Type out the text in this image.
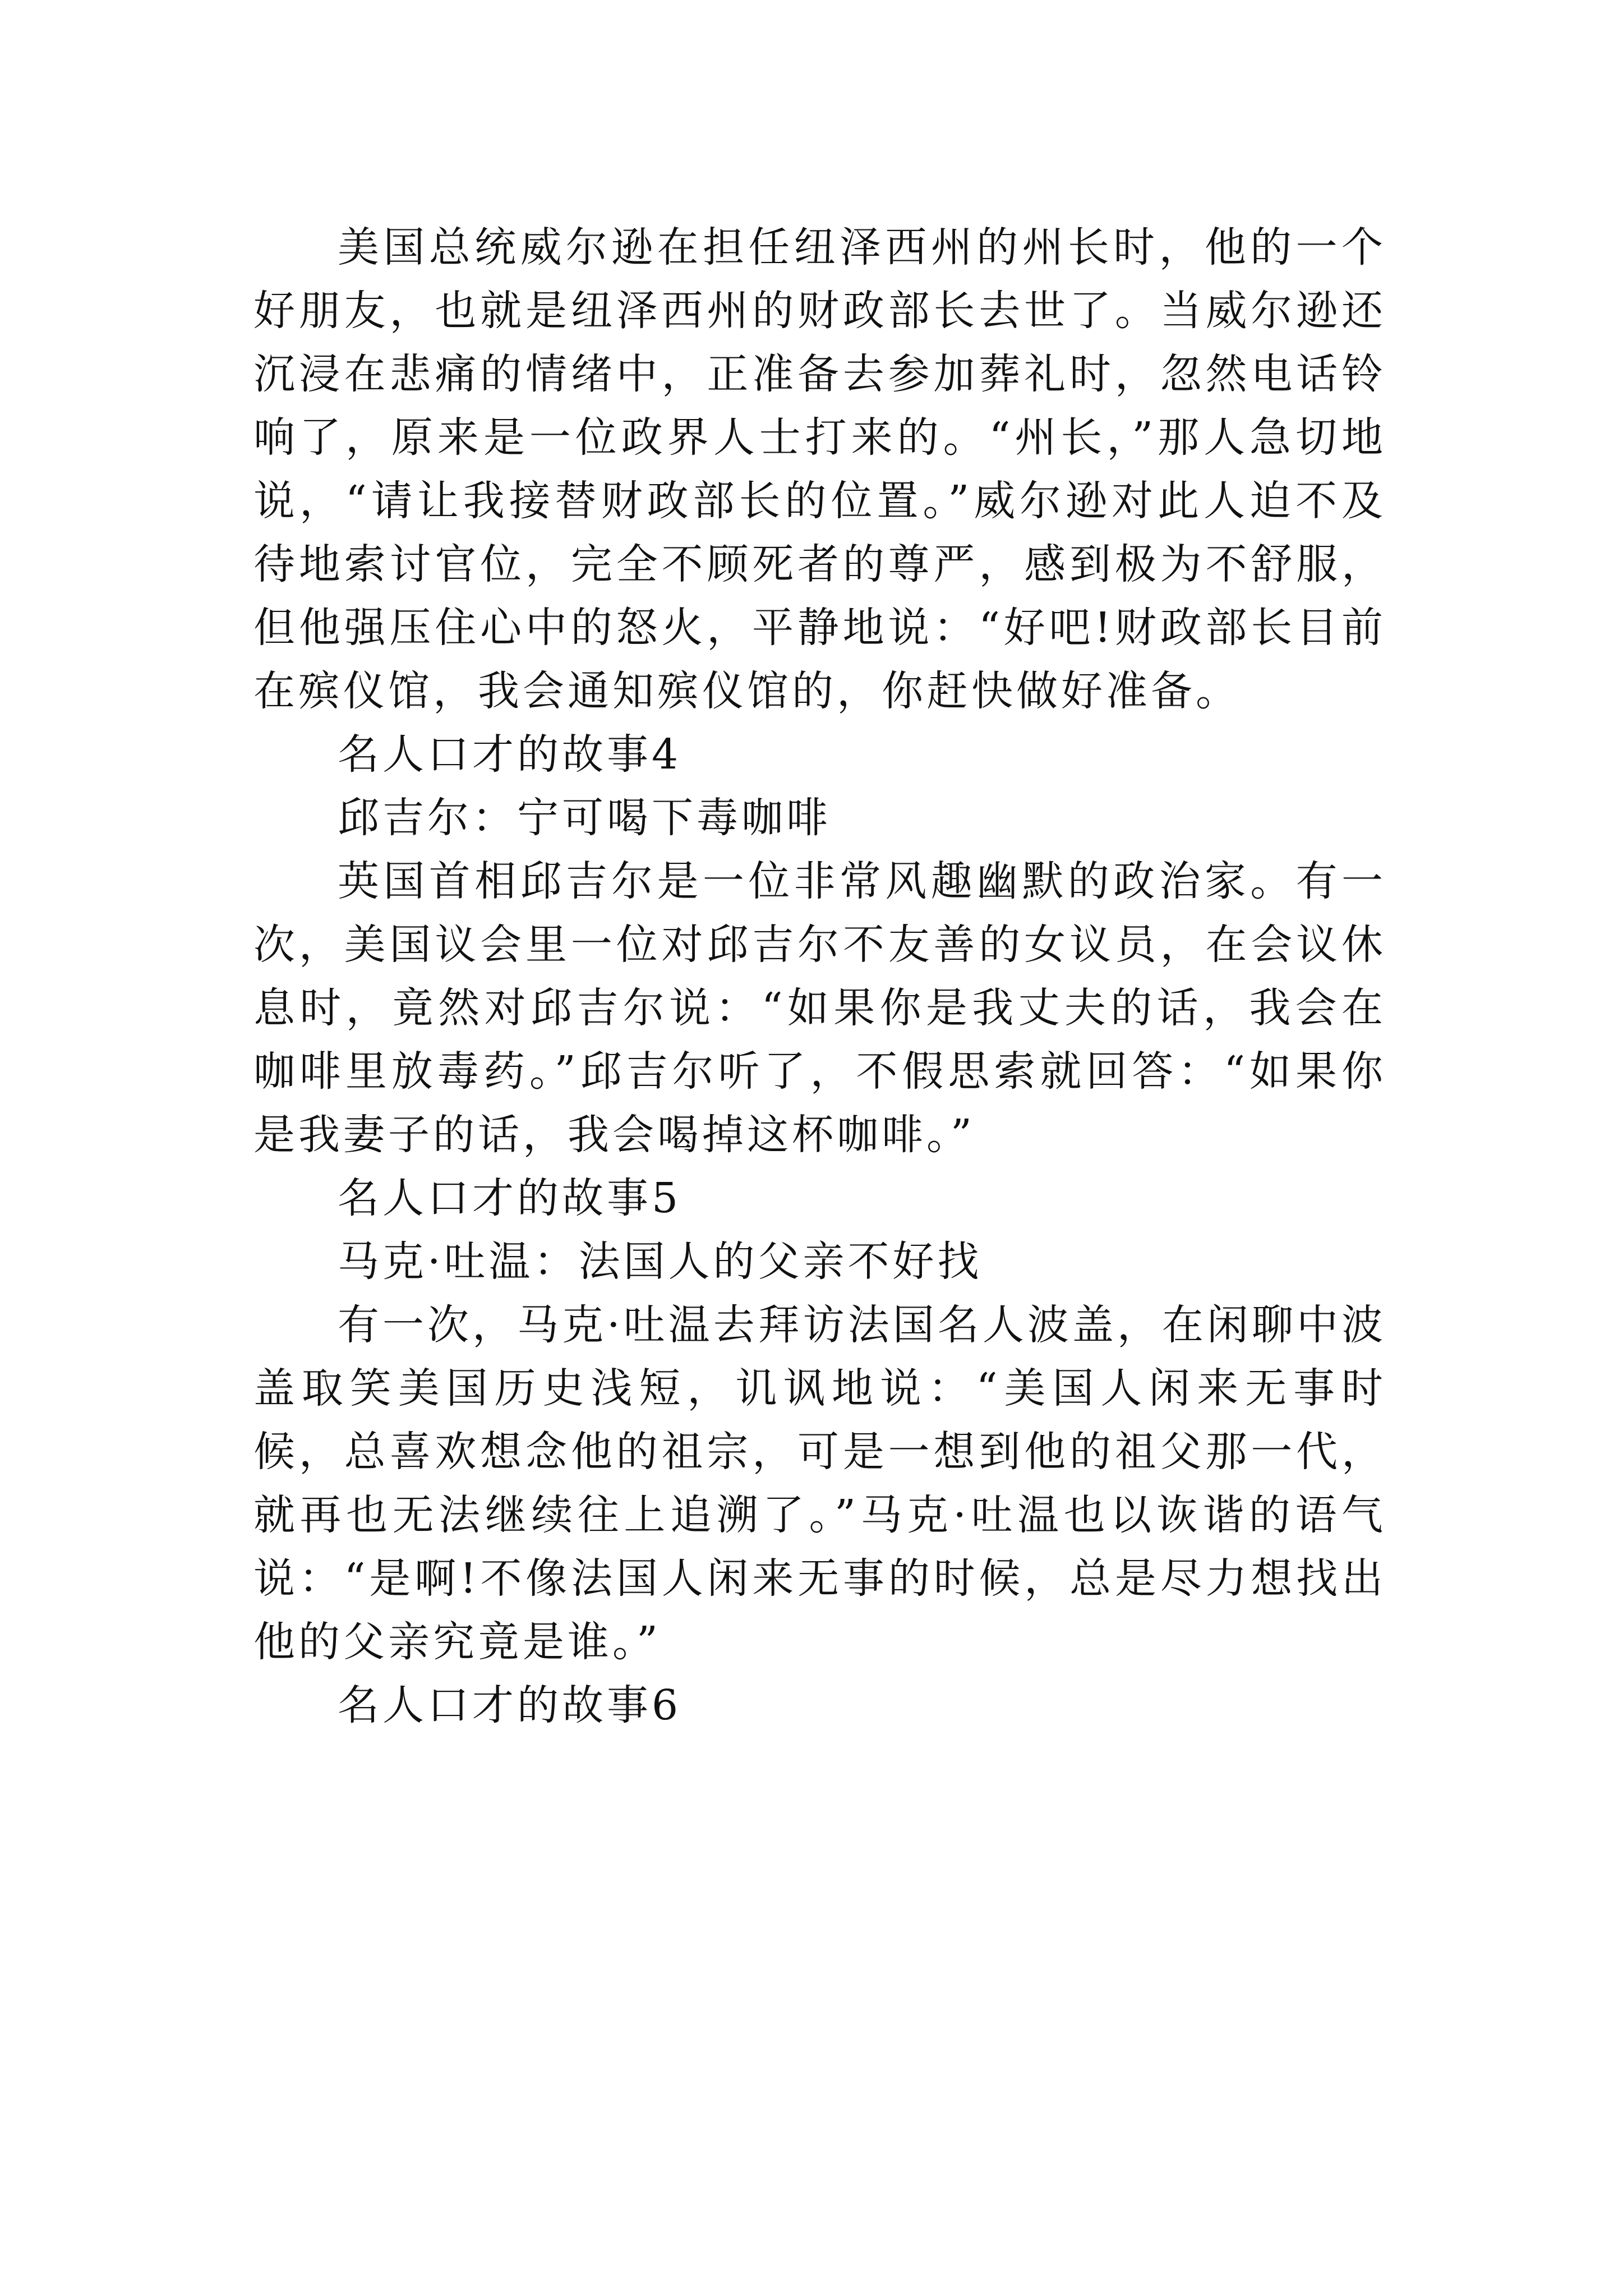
美国总统威尔逊在担任纽泽西州的州长时，他的一个好朋友，也就是纽泽西州的财政部长去世了。当威尔逊还沉浸在悲痛的情绪中，正准备去参加葬礼时，忽然电话铃响了，原来是一位政界人士打来的。“州长，”那人急切地说，“请让我接替财政部长的位置。”威尔逊对此人迫不及待地索讨官位，完全不顾死者的尊严，感到极为不舒服，但他强压住心中的怒火，平静地说：“好吧!财政部长目前在殡仪馆，我会通知殡仪馆的，你赶快做好准备。

名人口才的故事4

邱吉尔：宁可喝下毒咖啡

英国首相邱吉尔是一位非常风趣幽默的政治家。有一次，美国议会里一位对邱吉尔不友善的女议员，在会议休息时，竟然对邱吉尔说：“如果你是我丈夫的话，我会在咖啡里放毒药。”邱吉尔听了，不假思索就回答：“如果你是我妻子的话，我会喝掉这杯咖啡。”

名人口才的故事5

马克·吐温：法国人的父亲不好找

有一次，马克·吐温去拜访法国名人波盖，在闲聊中波盖取笑美国历史浅短，讥讽地说：“美国人闲来无事时候，总喜欢想念他的祖宗，可是一想到他的祖父那一代，就再也无法继续往上追溯了。”马克·吐温也以诙谐的语气说：“是啊!不像法国人闲来无事的时候，总是尽力想找出他的父亲究竟是谁。”

名人口才的故事6
